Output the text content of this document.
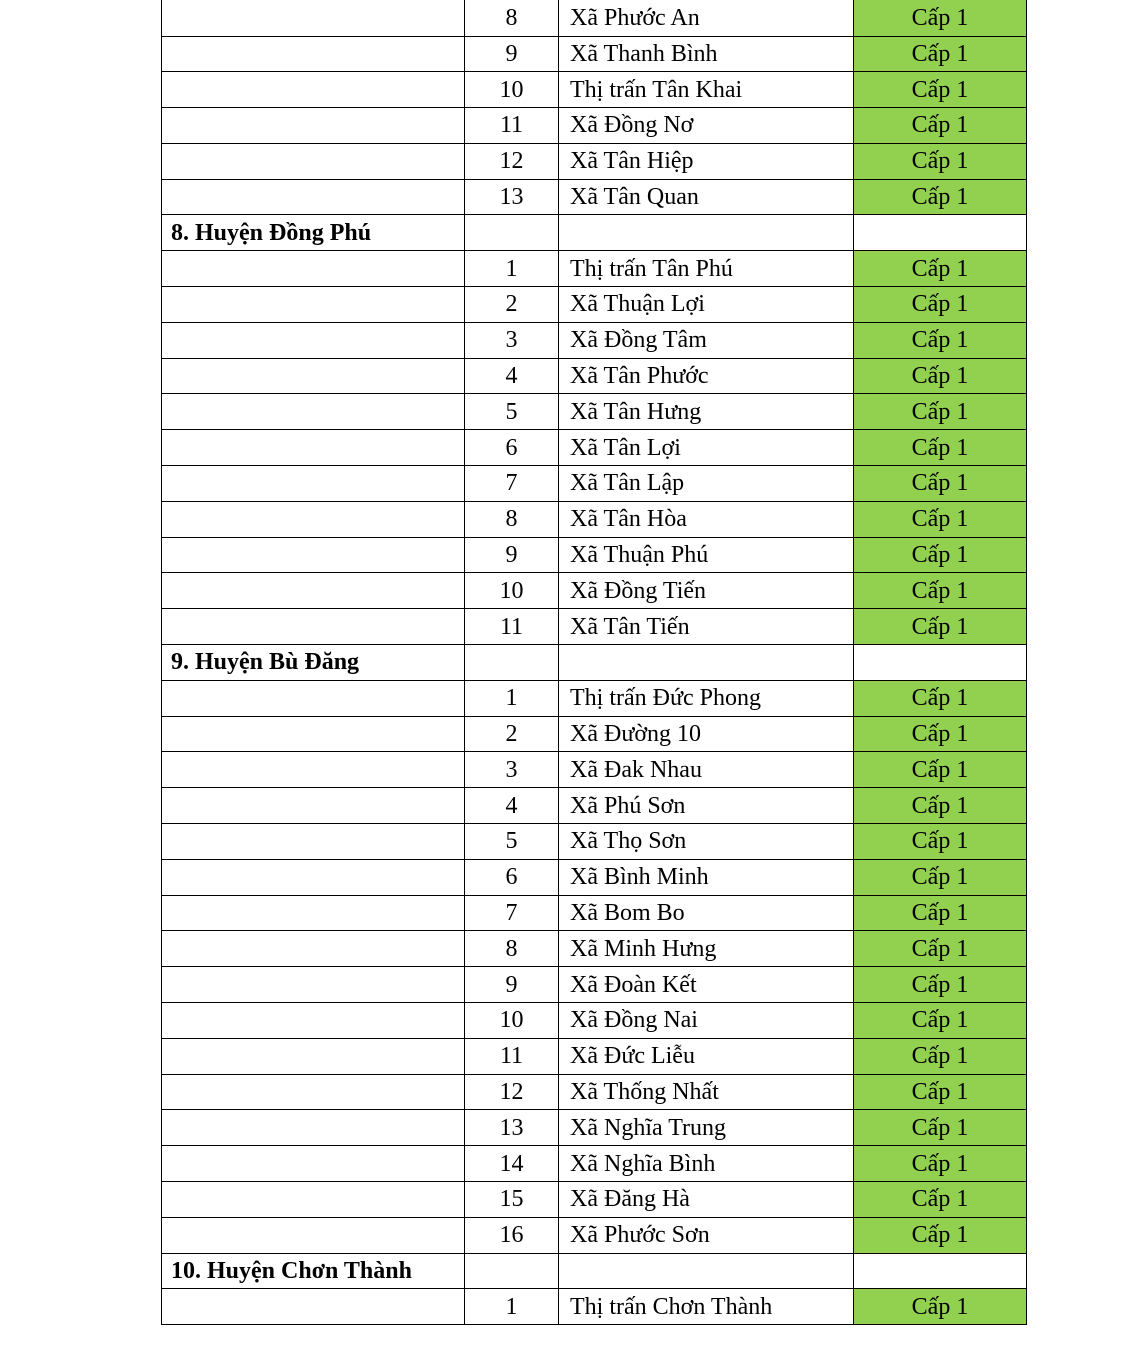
	8	Xã Phước An	Cấp 1
	9	Xã Thanh Bình	Cấp 1
	10	Thị trấn Tân Khai	Cấp 1
	11	Xã Đồng Nơ	Cấp 1
	12	Xã Tân Hiệp	Cấp 1
	13	Xã Tân Quan	Cấp 1
8. Huyện Đồng Phú			
	1	Thị trấn Tân Phú	Cấp 1
	2	Xã Thuận Lợi	Cấp 1
	3	Xã Đồng Tâm	Cấp 1
	4	Xã Tân Phước	Cấp 1
	5	Xã Tân Hưng	Cấp 1
	6	Xã Tân Lợi	Cấp 1
	7	Xã Tân Lập	Cấp 1
	8	Xã Tân Hòa	Cấp 1
	9	Xã Thuận Phú	Cấp 1
	10	Xã Đồng Tiến	Cấp 1
	11	Xã Tân Tiến	Cấp 1
9. Huyện Bù Đăng			
	1	Thị trấn Đức Phong	Cấp 1
	2	Xã Đường 10	Cấp 1
	3	Xã Đak Nhau	Cấp 1
	4	Xã Phú Sơn	Cấp 1
	5	Xã Thọ Sơn	Cấp 1
	6	Xã Bình Minh	Cấp 1
	7	Xã Bom Bo	Cấp 1
	8	Xã Minh Hưng	Cấp 1
	9	Xã Đoàn Kết	Cấp 1
	10	Xã Đồng Nai	Cấp 1
	11	Xã Đức Liễu	Cấp 1
	12	Xã Thống Nhất	Cấp 1
	13	Xã Nghĩa Trung	Cấp 1
	14	Xã Nghĩa Bình	Cấp 1
	15	Xã Đăng Hà	Cấp 1
	16	Xã Phước Sơn	Cấp 1
10. Huyện Chơn Thành			
	1	Thị trấn Chơn Thành	Cấp 1
